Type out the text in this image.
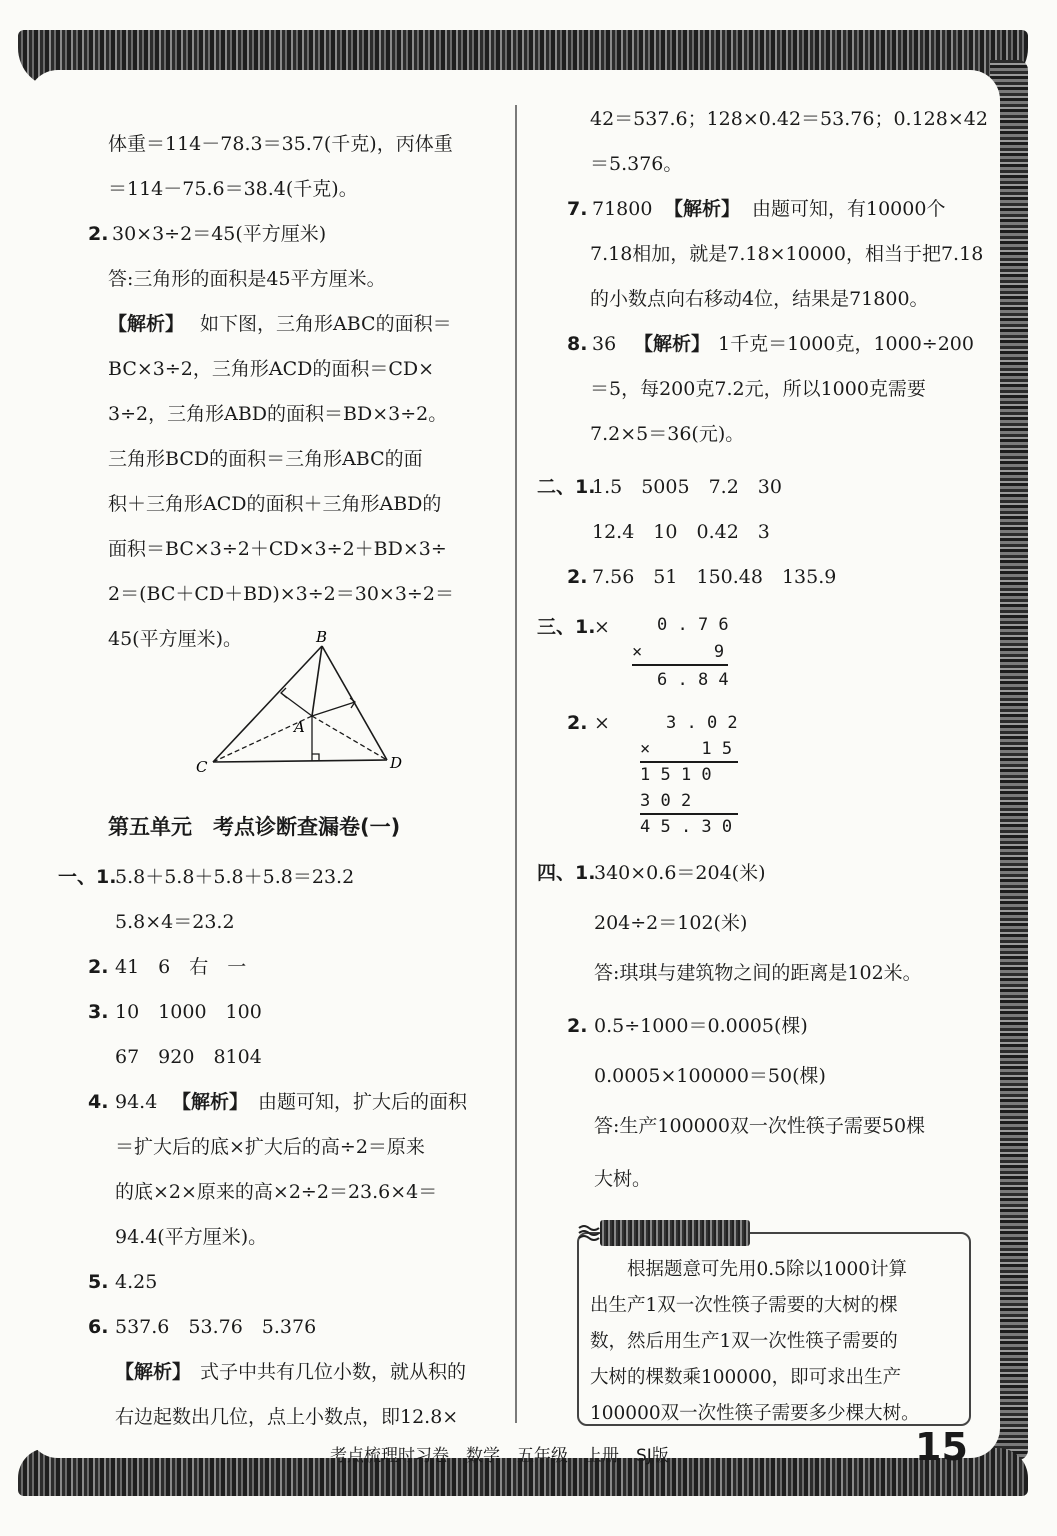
体重＝114－78.3＝35.7(千克)，丙体重
＝114－75.6＝38.4(千克)。
2. 30×3÷2＝45(平方厘米)
答:三角形的面积是45平方厘米。
【解析】 如下图，三角形ABC的面积＝
BC×3÷2，三角形ACD的面积＝CD×
3÷2，三角形ABD的面积＝BD×3÷2。
三角形BCD的面积＝三角形ABC的面
积＋三角形ACD的面积＋三角形ABD的
面积＝BC×3÷2＋CD×3÷2＋BD×3÷
2＝(BC＋CD＋BD)×3÷2＝30×3÷2＝
45(平方厘米)。	B
A
C	D
第五单元　考点诊断查漏卷(一)
一、1.
5.8＋5.8＋5.8＋5.8＝23.2
5.8×4＝23.2
2. 41　6　右　一
3. 10　1000　100
67　920　8104
4. 94.4 【解析】 由题可知，扩大后的面积
＝扩大后的底×扩大后的高÷2＝原来
的底×2×原来的高×2÷2＝23.6×4＝
94.4(平方厘米)。
5. 4.25
6. 537.6　53.76　5.376
【解析】 式子中共有几位小数，就从积的
右边起数出几位，点上小数点，即12.8×
42＝537.6；128×0.42＝53.76；0.128×42
＝5.376。
7. 71800 【解析】 由题可知，有10000个
7.18相加，就是7.18×10000，相当于把7.18
的小数点向右移动4位，结果是71800。
8. 36 【解析】 1千克＝1000克，1000÷200
＝5，每200克7.2元，所以1000克需要
7.2×5＝36(元)。
二、1.
1.5　5005　7.2　30
12.4　10　0.42　3
2. 7.56　51　150.48　135.9
三、1.
×	0 . 7 6
×       9
6 . 8 4
2. ×	3 . 0 2
×     1 5
1 5 1 0
3 0 2
4 5 . 3 0
四、1.
340×0.6＝204(米)
204÷2＝102(米)
答:琪琪与建筑物之间的距离是102米。
2. 0.5÷1000＝0.0005(棵)
0.0005×100000＝50(棵)
答:生产100000双一次性筷子需要50棵
大树。
　　根据题意可先用0.5除以1000计算
出生产1双一次性筷子需要的大树的棵
数，然后用生产1双一次性筷子需要的
大树的棵数乘100000，即可求出生产
100000双一次性筷子需要多少棵大树。
考点梳理时习卷　数学　五年级　上册　SJ版	15
